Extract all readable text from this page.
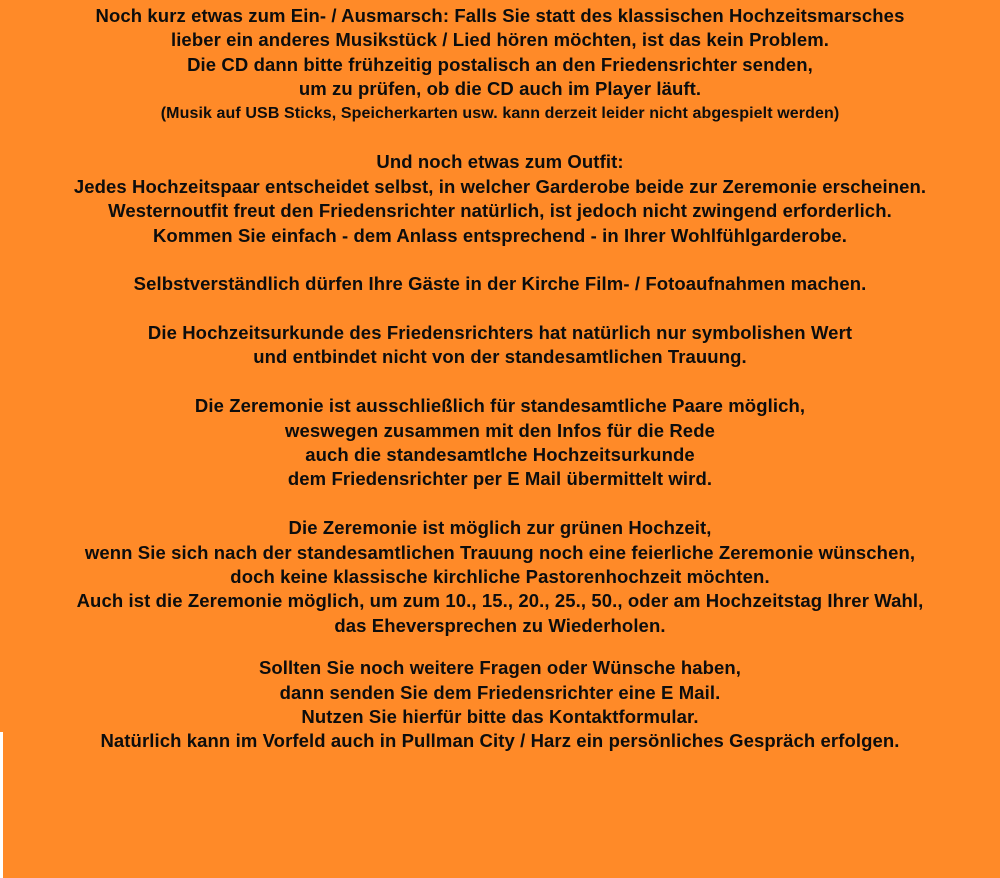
Noch kurz etwas zum Ein- / Ausmarsch: Falls Sie statt des klassischen Hochzeitsmarsches
lieber ein anderes Musikstück / Lied hören möchten, ist das kein Problem.
Die CD dann bitte frühzeitig postalisch an den Friedensrichter senden,
um zu prüfen, ob die CD auch im Player läuft.
(Musik auf USB Sticks, Speicherkarten usw. kann derzeit leider nicht abgespielt werden)
Und noch etwas zum Outfit:
Jedes Hochzeitspaar entscheidet selbst, in welcher Garderobe beide zur Zeremonie erscheinen.
Westernoutfit freut den Friedensrichter natürlich, ist jedoch nicht zwingend erforderlich.
Kommen Sie einfach - dem Anlass entsprechend - in Ihrer Wohlfühlgarderobe.
Selbstverständlich dürfen Ihre Gäste in der Kirche Film- / Fotoaufnahmen machen.
Die Hochzeitsurkunde des Friedensrichters hat natürlich nur symbolishen Wert
und entbindet nicht von der standesamtlichen Trauung.
Die Zeremonie ist ausschließlich für standesamtliche Paare möglich,
weswegen zusammen mit den Infos für die Rede
auch die standesamtlche Hochzeitsurkunde
dem Friedensrichter per E Mail übermittelt wird.
Die Zeremonie ist möglich zur grünen Hochzeit,
wenn Sie sich nach der standesamtlichen Trauung noch eine feierliche Zeremonie wünschen,
doch keine klassische kirchliche Pastorenhochzeit möchten.
Auch ist die Zeremonie möglich, um zum 10., 15., 20., 25., 50., oder am Hochzeitstag Ihrer Wahl,
das Eheversprechen zu Wiederholen.
Sollten Sie noch weitere Fragen oder Wünsche haben,
dann senden Sie dem Friedensrichter eine E Mail.
Nutzen Sie hierfür bitte das Kontaktformular.
Natürlich kann im Vorfeld auch in Pullman City / Harz ein persönliches Gespräch erfolgen.
